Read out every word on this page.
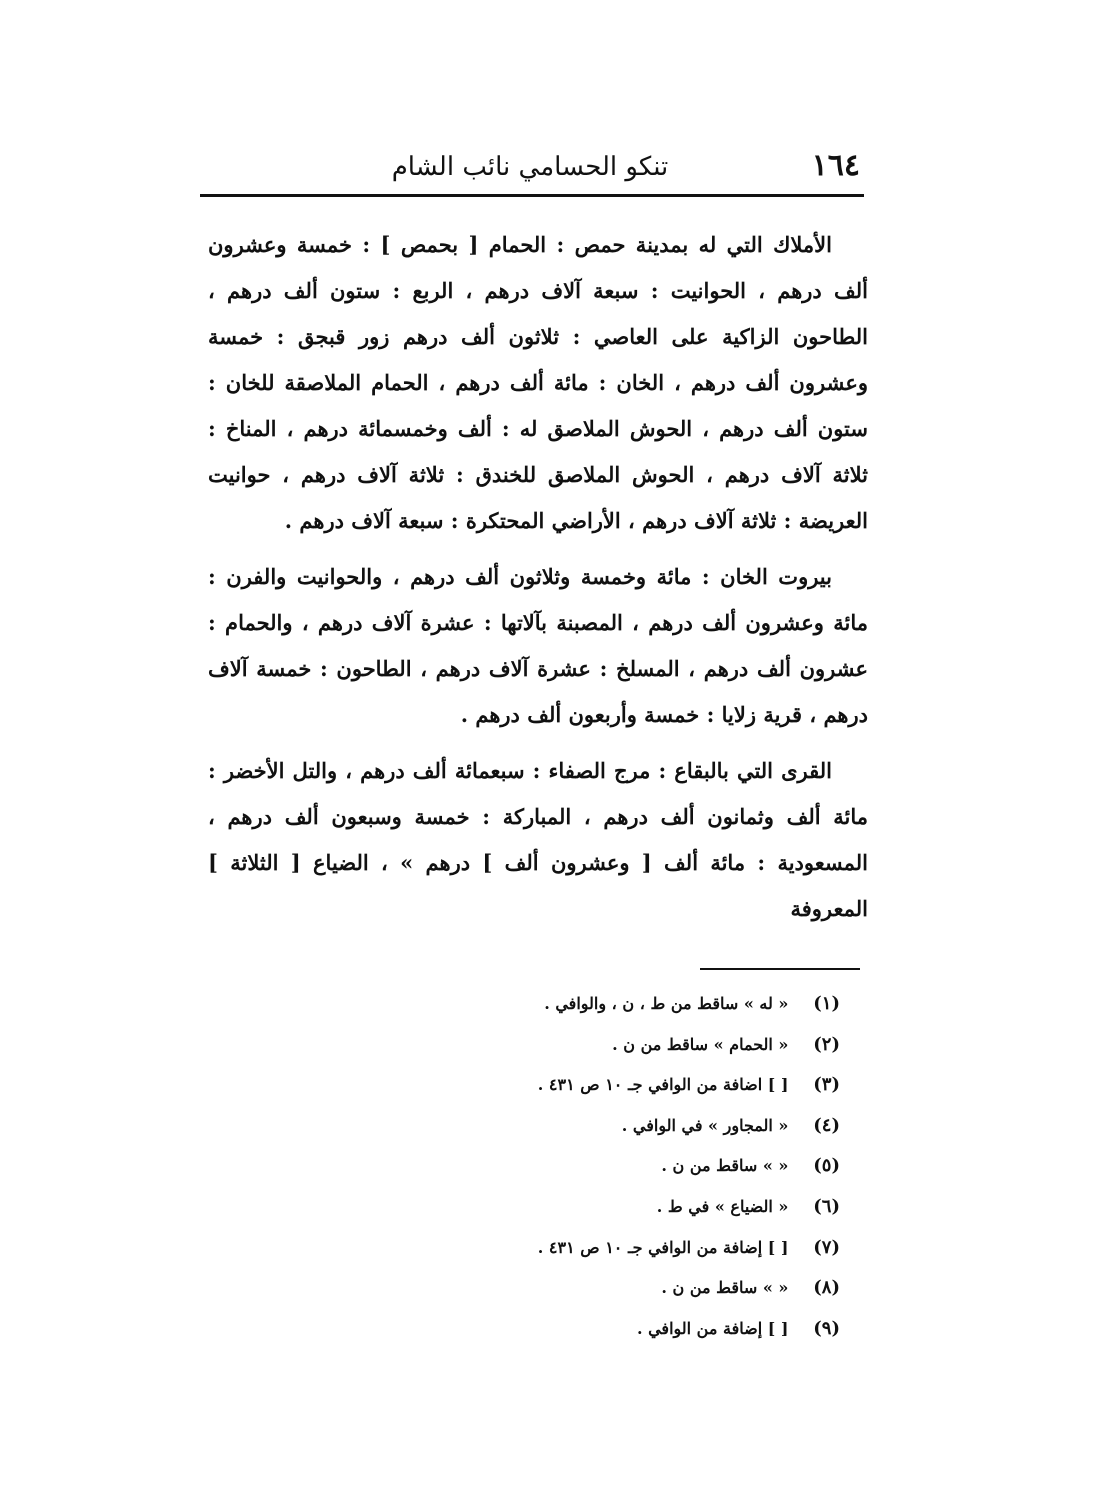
١٦٤
تنكو الحسامي نائب الشام

الأملاك التي له بمدينة حمص : الحمام [ بحمص ] : خمسة وعشرون ألف درهم ، الحوانيت : سبعة آلاف درهم ، الربع : ستون ألف درهم ، الطاحون الزاكية على العاصي : ثلاثون ألف درهم زور قبجق : خمسة وعشرون ألف درهم ، الخان : مائة ألف درهم ، الحمام الملاصقة للخان : ستون ألف درهم ، الحوش الملاصق له : ألف وخمسمائة درهم ، المناخ : ثلاثة آلاف درهم ، الحوش الملاصق للخندق : ثلاثة آلاف درهم ، حوانيت العريضة : ثلاثة آلاف درهم ، الأراضي المحتكرة : سبعة آلاف درهم .

بيروت الخان : مائة وخمسة وثلاثون ألف درهم ، والحوانيت والفرن : مائة وعشرون ألف درهم ، المصبنة بآلاتها : عشرة آلاف درهم ، والحمام : عشرون ألف درهم ، المسلخ : عشرة آلاف درهم ، الطاحون : خمسة آلاف درهم ، قرية زلايا : خمسة وأربعون ألف درهم .

القرى التي بالبقاع : مرج الصفاء : سبعمائة ألف درهم ، والتل الأخضر : مائة ألف وثمانون ألف درهم ، المباركة : خمسة وسبعون ألف درهم ، المسعودية : مائة ألف [ وعشرون ألف ] درهم » ، الضياع [ الثلاثة ] المعروفة

(١) « له » ساقط من ط ، ن ، والوافي .
(٢) « الحمام » ساقط من ن .
(٣) [ ] اضافة من الوافي جـ ١٠ ص ٤٣١ .
(٤) « المجاور » في الوافي .
(٥) « » ساقط من ن .
(٦) « الضياع » في ط .
(٧) [ ] إضافة من الوافي جـ ١٠ ص ٤٣١ .
(٨) « » ساقط من ن .
(٩) [ ] إضافة من الوافي .
